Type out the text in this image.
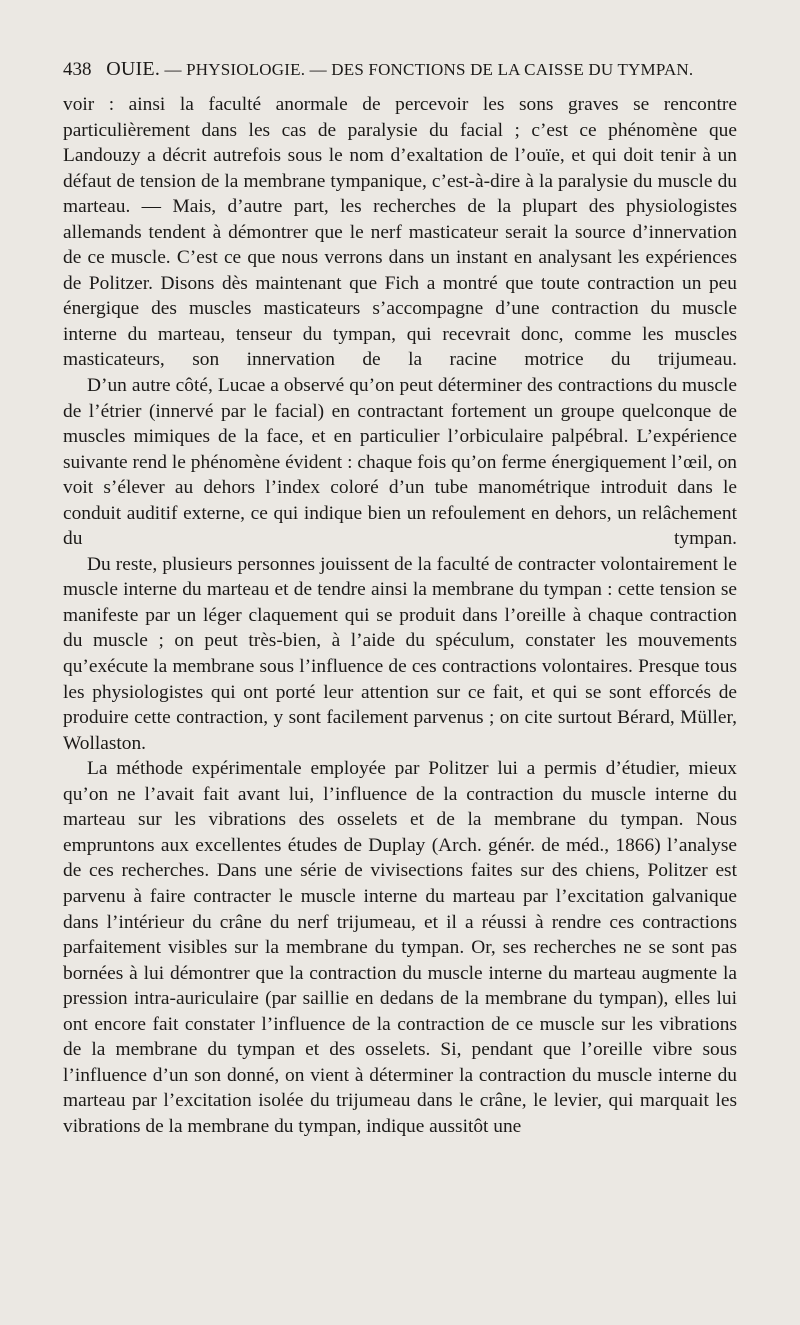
438 OUIE. — PHYSIOLOGIE. — DES FONCTIONS DE LA CAISSE DU TYMPAN.

voir : ainsi la faculté anormale de percevoir les sons graves se rencontre particulièrement dans les cas de paralysie du facial ; c’est ce phénomène que Landouzy a décrit autrefois sous le nom d’exaltation de l’ouïe, et qui doit tenir à un défaut de tension de la membrane tympanique, c’est-à-dire à la paralysie du muscle du marteau. — Mais, d’autre part, les recherches de la plupart des physiologistes allemands tendent à démontrer que le nerf masticateur serait la source d’innervation de ce muscle. C’est ce que nous verrons dans un instant en analysant les expériences de Politzer. Disons dès maintenant que Fich a montré que toute contraction un peu énergique des muscles masticateurs s’accompagne d’une contraction du muscle interne du marteau, tenseur du tympan, qui recevrait donc, comme les muscles masticateurs, son innervation de la racine motrice du trijumeau.

D’un autre côté, Lucae a observé qu’on peut déterminer des contractions du muscle de l’étrier (innervé par le facial) en contractant fortement un groupe quelconque de muscles mimiques de la face, et en particulier l’orbiculaire palpébral. L’expérience suivante rend le phénomène évident : chaque fois qu’on ferme énergiquement l’œil, on voit s’élever au dehors l’index coloré d’un tube manométrique introduit dans le conduit auditif externe, ce qui indique bien un refoulement en dehors, un relâchement du tympan.

Du reste, plusieurs personnes jouissent de la faculté de contracter volontairement le muscle interne du marteau et de tendre ainsi la membrane du tympan : cette tension se manifeste par un léger claquement qui se produit dans l’oreille à chaque contraction du muscle ; on peut très-bien, à l’aide du spéculum, constater les mouvements qu’exécute la membrane sous l’influence de ces contractions volontaires. Presque tous les physiologistes qui ont porté leur attention sur ce fait, et qui se sont efforcés de produire cette contraction, y sont facilement parvenus ; on cite surtout Bérard, Müller, Wollaston.

La méthode expérimentale employée par Politzer lui a permis d’étudier, mieux qu’on ne l’avait fait avant lui, l’influence de la contraction du muscle interne du marteau sur les vibrations des osselets et de la membrane du tympan. Nous empruntons aux excellentes études de Duplay (Arch. génér. de méd., 1866) l’analyse de ces recherches. Dans une série de vivisections faites sur des chiens, Politzer est parvenu à faire contracter le muscle interne du marteau par l’excitation galvanique dans l’intérieur du crâne du nerf trijumeau, et il a réussi à rendre ces contractions parfaitement visibles sur la membrane du tympan. Or, ses recherches ne se sont pas bornées à lui démontrer que la contraction du muscle interne du marteau augmente la pression intra-auriculaire (par saillie en dedans de la membrane du tympan), elles lui ont encore fait constater l’influence de la contraction de ce muscle sur les vibrations de la membrane du tympan et des osselets. Si, pendant que l’oreille vibre sous l’influence d’un son donné, on vient à déterminer la contraction du muscle interne du marteau par l’excitation isolée du trijumeau dans le crâne, le levier, qui marquait les vibrations de la membrane du tympan, indique aussitôt une
